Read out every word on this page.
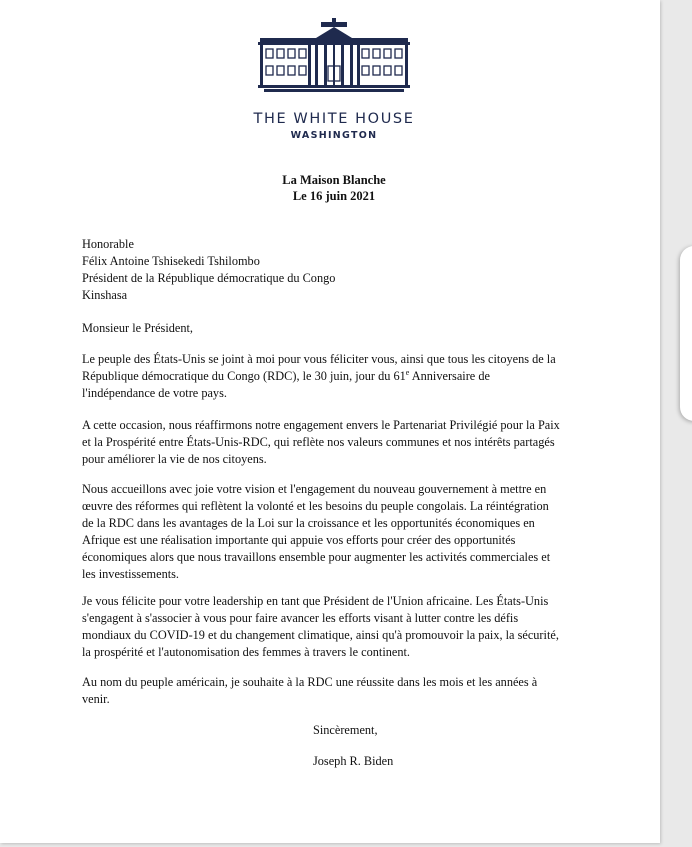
THE WHITE HOUSE
WASHINGTON
La Maison Blanche
Le 16 juin 2021
Honorable
Félix Antoine Tshisekedi Tshilombo
Président de la République démocratique du Congo
Kinshasa
Monsieur le Président,
Le peuple des États-Unis se joint à moi pour vous féliciter vous, ainsi que tous les citoyens de la
République démocratique du Congo (RDC), le 30 juin, jour du 61e Anniversaire de
l'indépendance de votre pays.
A cette occasion, nous réaffirmons notre engagement envers le Partenariat Privilégié pour la Paix
et la Prospérité entre États-Unis-RDC, qui reflète nos valeurs communes et nos intérêts partagés
pour améliorer la vie de nos citoyens.
Nous accueillons avec joie votre vision et l'engagement du nouveau gouvernement à mettre en
œuvre des réformes qui reflètent la volonté et les besoins du peuple congolais. La réintégration
de la RDC dans les avantages de la Loi sur la croissance et les opportunités économiques en
Afrique est une réalisation importante qui appuie vos efforts pour créer des opportunités
économiques alors que nous travaillons ensemble pour augmenter les activités commerciales et
les investissements.
Je vous félicite pour votre leadership en tant que Président de l'Union africaine. Les États-Unis
s'engagent à s'associer à vous pour faire avancer les efforts visant à lutter contre les défis
mondiaux du COVID-19 et du changement climatique, ainsi qu'à promouvoir la paix, la sécurité,
la prospérité et l'autonomisation des femmes à travers le continent.
Au nom du peuple américain, je souhaite à la RDC une réussite dans les mois et les années à
venir.
Sincèrement,
Joseph R. Biden
